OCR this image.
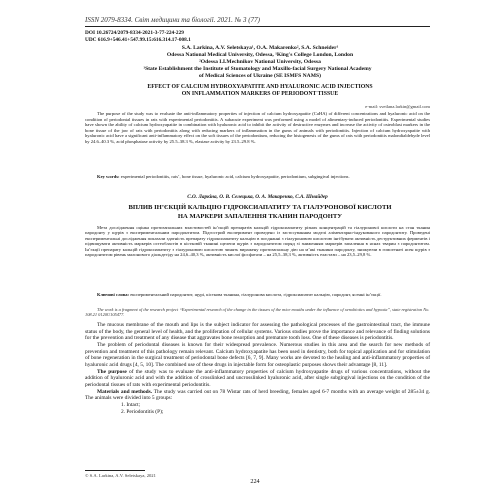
ISSN 2079-8334. Світ медицини та біології. 2021. № 3 (77)
DOI 10.26724/2079-8334-2021-3-77-224-229
UDC 616.9+546.41+547.99.15:616.314.17-008.1
S.A. Larkina, A.V. Seletskaya¹, O.A. Makarenko², S.A. Schneider¹
Odessa National Medical University, Odessa, ¹King's College London, London
²Odessa I.I.Mechnikov National University, Odessa
¹State Establishment the Institute of Stomatology and Maxillo-facial Surgery National Academy
of Medical Sciences of Ukraine (SE ISMFS NAMS)
EFFECT OF CALCIUM HYDROXYAPATITE AND HYALURONIC ACID INJECTIONS
ON INFLAMMATION MARKERS OF PERIODONT TISSUE
e-mail: svetlana.larkin@gmail.com
The purpose of the study was to evaluate the anti-inflammatory properties of injection of calcium hydroxyapatite (CaHA) of different concentrations and hyaluronic acid on the condition of periodontal tissues in rats with experimental periodontitis. A subacute experiment was performed using a model of alimentary-induced periodontitis. Experimental studies have shown the ability of calcium hydroxyapatite in combination with hyaluronic acid to inhibit the activity of destructive enzymes and increase the activity of osteoblast markers in the bone tissue of the jaw of rats with periodontitis along with reducing markers of inflammation in the gums of animals with periodontitis. Injection of calcium hydroxyapatite with hyaluronic acid have a significant anti-inflammatory effect on the soft tissues of the periodontium, reducing the histogenesis of the gums of rats with periodontitis malondialdehyde level by 24.6–40.3 %, acid phosphatase activity by 25.5–38.3 %, elastase activity by 23.5–29.8 %.
Key words: experimental periodontitis, rats’, bone tissue, hyaluronic acid, calcium hydroxyapatite, periodontium, subgingival injections.
С.О. Ларкіна, О. В. Селецька, О. А. Макаренко, С.А. Шнайдер
ВПЛИВ ІН’ЄКЦІЙ КАЛЬЦІЮ ГІДРОКСИАПАТИТУ ТА ГІАЛУРОНОВОЇ КИСЛОТИ
НА МАРКЕРИ ЗАПАЛЕННЯ ТКАНИН ПАРОДОНТУ
Мета дослідження оцінка протизапальних властивостей ін’єкцій препаратів кальцій гідроксиапатиту різних концентрацій та гіалуронової кислоти на стан тканин пародонту у щурів з експериментальним пародонтитом. Підгострий експеримент проведено із застосуванням моделі аліментарно-індукованого пародонтиту. Проведені експериментальні дослідження показали здатність препарату гідроксиапатиту кальцію в поєднанні з гіалуроновою кислотою інгібувати активність деструктивних ферментів і підвищувати активність маркерів остеобластів в кістковій тканині щелепи щурів з пародонтитом поряд зі зниженням маркерів запалення в яснах тварин з пародонтитом. Ін’єкції препарату кальцій гідроксиапатиту з гіалуроновою кислотою чинять виражену протизапальну дію на м’які тканини пародонту, знижуючи в гомогенаті ясен щурів з пародонтитом рівень малонового діальдегіду на 24,6–40,3 %, активність кислої фосфатази – на 25,5–38,3 %, активність еластази – на 23,5–29,8 %.
Ключові слова: експериментальний пародонтит, щурі, кісткова тканина, гіалуронова кислота, гідроксиапатит кальцію, пародонт, ясенні ін’єкції.
The work is a fragment of the research project “Experimental research of the change in the tissues of the mice mouths under the influence of xenobiotics and hypoxia”, state registration No. 108.21 0120U105477.

The mucous membrane of the mouth and lips is the subject indicator for assessing the pathological processes of the gastrointestinal tract, the immune status of the body, the general level of health, and the proliferation of cellular systems. Various studies prove the importance and relevance of finding solutions for the prevention and treatment of any disease that aggravates bone resorption and premature tooth loss. One of these diseases is periodontitis.

The problem of periodontal diseases is known for their widespread prevalence. Numerous studies in this area and the search for new methods of prevention and treatment of this pathology remain relevant. Calcium hydroxyapatite has been used in dentistry, both for topical application and for stimulation of bone regeneration in the surgical treatment of periodontal bone defects [6, 7, 9]. Many works are devoted to the healing and anti-inflammatory properties of hyaluronic acid drugs [4, 5, 10]. The combined use of these drugs in injectable form for osteoplastic purposes shows their advantage [8, 11].

The purpose of the study was to evaluate the anti-inflammatory properties of calcium hydroxyapatite drugs of various concentrations, without the addition of hyaluronic acid and with the addition of crosslinked and uncrosslinked hyaluronic acid, after single subgingival injections on the condition of the periodontal tissues of rats with experimental periodontitis.

Materials and methods. The study was carried out on 78 Wistar rats of herd breeding, females aged 6-7 months with an average weight of 285±34 g. The animals were divided into 5 groups:

1. Intact;

2. Periodontitis (P);

© S.A. Larkina, A.V. Seletskaya, 2021
224
